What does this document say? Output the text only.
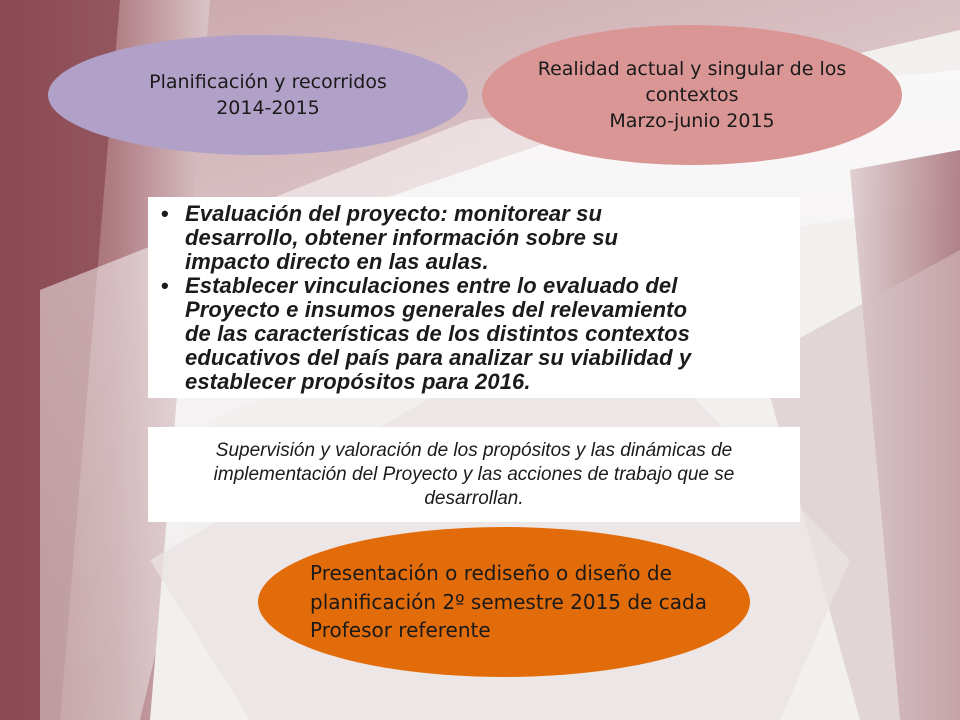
Planificación y recorridos
2014-2015
Realidad actual y singular de los
contextos
Marzo-junio 2015
• Evaluación del proyecto: monitorear su
desarrollo, obtener información sobre su
impacto directo en las aulas.
• Establecer vinculaciones entre lo evaluado del
Proyecto e insumos generales del relevamiento
de las características de los distintos contextos
educativos del país para analizar su viabilidad y
establecer propósitos para 2016.
Supervisión y valoración de los propósitos y las dinámicas de
implementación del Proyecto y las acciones de trabajo que se
desarrollan.
Presentación o rediseño o diseño de
planificación 2º semestre 2015 de cada
Profesor referente
